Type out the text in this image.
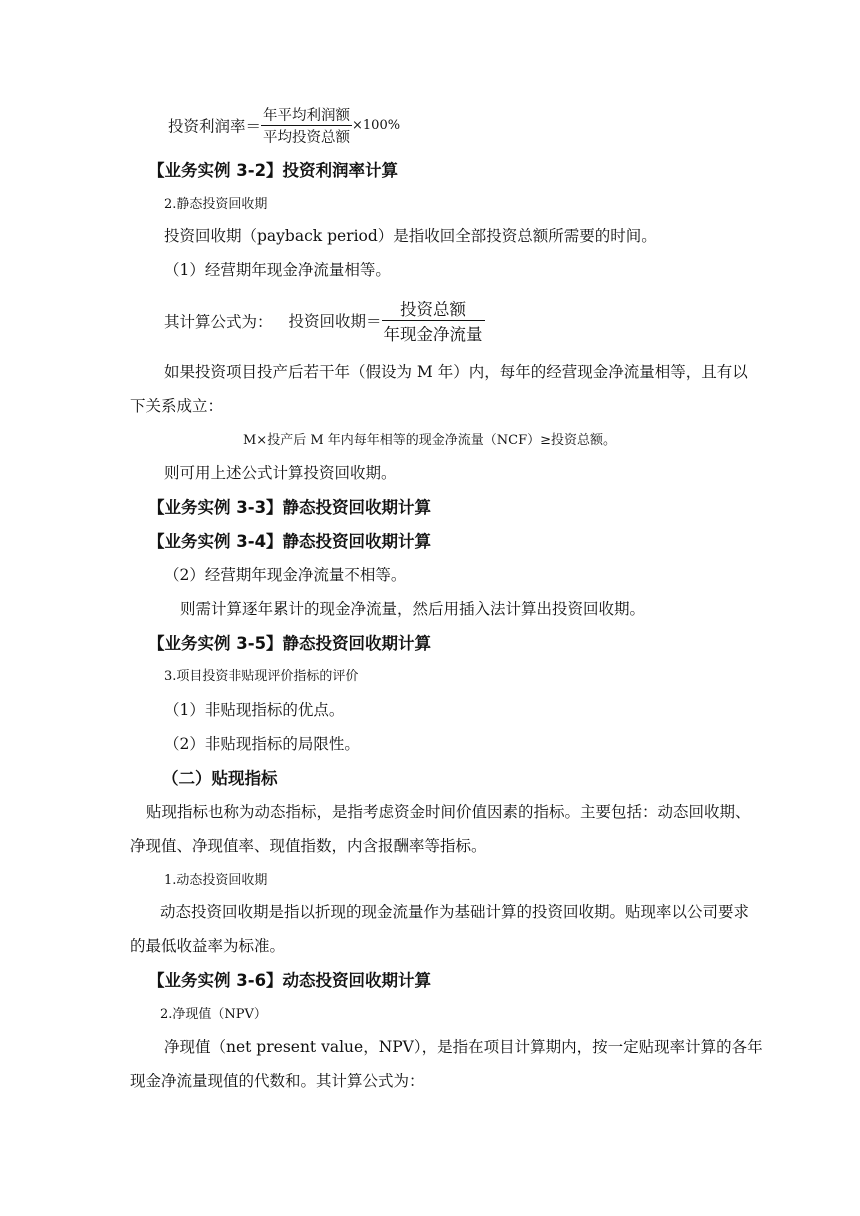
投资利润率＝ $\frac{\text{年平均利润额}}{\text{平均投资总额}} \times 100\%$
【业务实例 3-2】投资利润率计算
2.静态投资回收期
投资回收期（payback period）是指收回全部投资总额所需要的时间。
（1）经营期年现金净流量相等。
其计算公式为： 投资回收期＝ $\frac{\text{投资总额}}{\text{年现金净流量}}$
如果投资项目投产后若干年（假设为 M 年）内，每年的经营现金净流量相等，且有以
下关系成立：
M×投产后 M 年内每年相等的现金净流量（NCF）≥投资总额。
则可用上述公式计算投资回收期。
【业务实例 3-3】静态投资回收期计算
【业务实例 3-4】静态投资回收期计算
（2）经营期年现金净流量不相等。
则需计算逐年累计的现金净流量，然后用插入法计算出投资回收期。
【业务实例 3-5】静态投资回收期计算
3.项目投资非贴现评价指标的评价
（1）非贴现指标的优点。
（2）非贴现指标的局限性。
（二）贴现指标
贴现指标也称为动态指标，是指考虑资金时间价值因素的指标。主要包括：动态回收期、
净现值、净现值率、现值指数，内含报酬率等指标。
1.动态投资回收期
动态投资回收期是指以折现的现金流量作为基础计算的投资回收期。贴现率以公司要求
的最低收益率为标准。
【业务实例 3-6】动态投资回收期计算
2.净现值（NPV）
净现值（net present value，NPV），是指在项目计算期内，按一定贴现率计算的各年
现金净流量现值的代数和。其计算公式为：
